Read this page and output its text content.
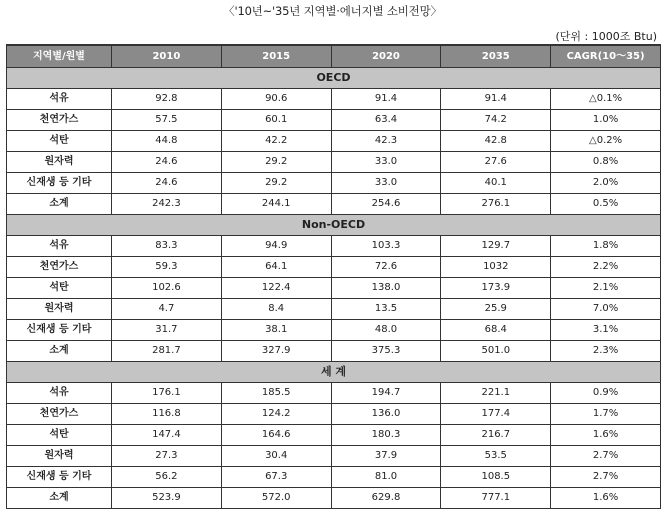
〈'10년~'35년 지역별·에너지별 소비전망〉
(단위 : 1000조 Btu)
지역별/원별	2010	2015	2020	2035	CAGR(10～35)
OECD					
석유	92.8	90.6	91.4	91.4	△0.1%
천연가스	57.5	60.1	63.4	74.2	1.0%
석탄	44.8	42.2	42.3	42.8	△0.2%
원자력	24.6	29.2	33.0	27.6	0.8%
신재생 등 기타	24.6	29.2	33.0	40.1	2.0%
소계	242.3	244.1	254.6	276.1	0.5%
Non-OECD					
석유	83.3	94.9	103.3	129.7	1.8%
천연가스	59.3	64.1	72.6	1032	2.2%
석탄	102.6	122.4	138.0	173.9	2.1%
원자력	4.7	8.4	13.5	25.9	7.0%
신재생 등 기타	31.7	38.1	48.0	68.4	3.1%
소계	281.7	327.9	375.3	501.0	2.3%
세 계					
석유	176.1	185.5	194.7	221.1	0.9%
천연가스	116.8	124.2	136.0	177.4	1.7%
석탄	147.4	164.6	180.3	216.7	1.6%
원자력	27.3	30.4	37.9	53.5	2.7%
신재생 등 기타	56.2	67.3	81.0	108.5	2.7%
소계	523.9	572.0	629.8	777.1	1.6%
